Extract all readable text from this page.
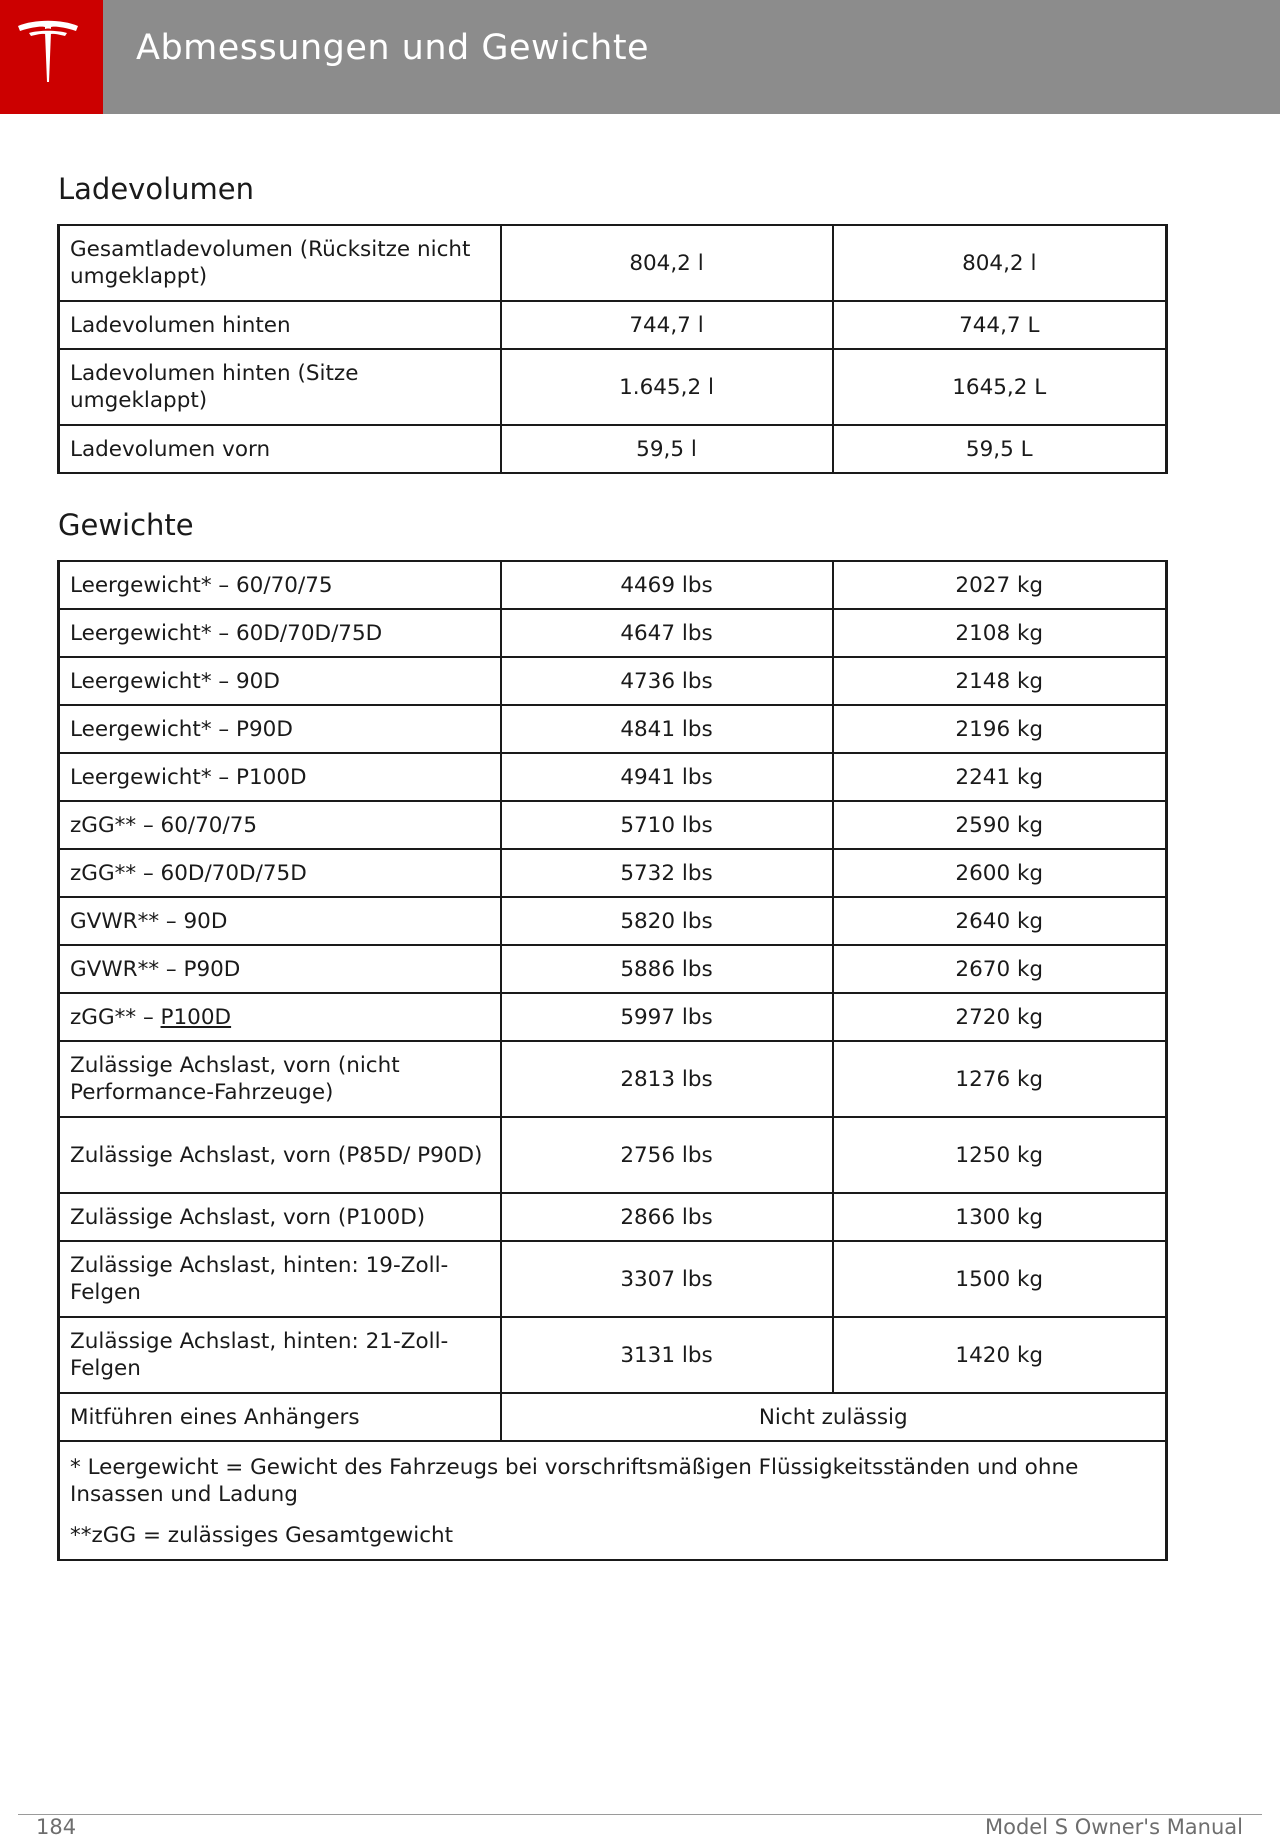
Abmessungen und Gewichte
Ladevolumen
Gesamtladevolumen (Rücksitze nicht umgeklappt)	804,2 l	804,2 l
Ladevolumen hinten	744,7 l	744,7 L
Ladevolumen hinten (Sitze umgeklappt)	1.645,2 l	1645,2 L
Ladevolumen vorn	59,5 l	59,5 L
Gewichte
Leergewicht* – 60/70/75	4469 lbs	2027 kg
Leergewicht* – 60D/70D/75D	4647 lbs	2108 kg
Leergewicht* – 90D	4736 lbs	2148 kg
Leergewicht* – P90D	4841 lbs	2196 kg
Leergewicht* – P100D	4941 lbs	2241 kg
zGG** – 60/70/75	5710 lbs	2590 kg
zGG** – 60D/70D/75D	5732 lbs	2600 kg
GVWR** – 90D	5820 lbs	2640 kg
GVWR** – P90D	5886 lbs	2670 kg
zGG** – P100D	5997 lbs	2720 kg
Zulässige Achslast, vorn (nicht Performance-Fahrzeuge)	2813 lbs	1276 kg
Zulässige Achslast, vorn (P85D/ P90D)	2756 lbs	1250 kg
Zulässige Achslast, vorn (P100D)	2866 lbs	1300 kg
Zulässige Achslast, hinten: 19-Zoll-Felgen	3307 lbs	1500 kg
Zulässige Achslast, hinten: 21-Zoll-Felgen	3131 lbs	1420 kg
Mitführen eines Anhängers	Nicht zulässig	

* Leergewicht = Gewicht des Fahrzeugs bei vorschriftsmäßigen Flüssigkeitsständen und ohne Insassen und Ladung
**zGG = zulässiges Gesamtgewicht		
184	Model S Owner's Manual
